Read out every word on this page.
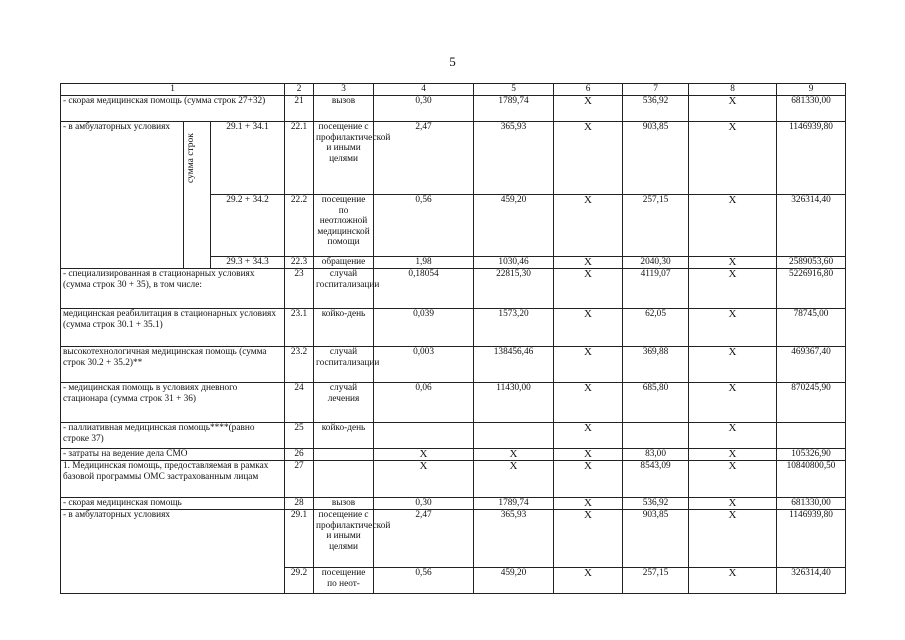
5
1			2	3	4	5	6	7	8	9	
- скорая медицинская помощь (сумма строк 27+32)			21	вызов	0,30	1789,74	X	536,92	X	681330,00	
- в амбулаторных условиях	сумма строк	29.1 + 34.1	22.1	посещение с профилактической и иными целями	2,47	365,93	X	903,85	X	1146939,80	
		29.2 + 34.2	22.2	посещение по неотложной медицинской помощи	0,56	459,20	X	257,15	X	326314,40	
		29.3 + 34.3	22.3	обращение	1,98	1030,46	X	2040,30	X	2589053,60	
- специализированная в стационарных условиях (сумма строк 30 + 35), в том числе:			23	случай госпитализации	0,18054	22815,30	X	4119,07	X	5226916,80	
медицинская реабилитация в стационарных условиях (сумма строк 30.1 + 35.1)			23.1	койко-день	0,039	1573,20	X	62,05	X	78745,00	
высокотехнологичная медицинская помощь (сумма строк 30.2 + 35.2)**			23.2	случай госпитализации	0,003	138456,46	X	369,88	X	469367,40	
- медицинская помощь в условиях дневного стационара (сумма строк 31 + 36)			24	случай лечения	0,06	11430,00	X	685,80	X	870245,90	
- паллиативная медицинская помощь****(равно строке 37)			25	койко-день			X		X		
- затраты на ведение дела СМО			26		X	X	X	83,00	X	105326,90	
1. Медицинская помощь, предоставляемая в рамках базовой программы ОМС застрахованным лицам			27		X	X	X	8543,09	X	10840800,50	
- скорая медицинская помощь			28	вызов	0,30	1789,74	X	536,92	X	681330,00	
- в амбулаторных условиях			29.1	посещение с профилактической и иными целями	2,47	365,93	X	903,85	X	1146939,80	
			29.2	посещение по неот-	0,56	459,20	X	257,15	X	326314,40	
